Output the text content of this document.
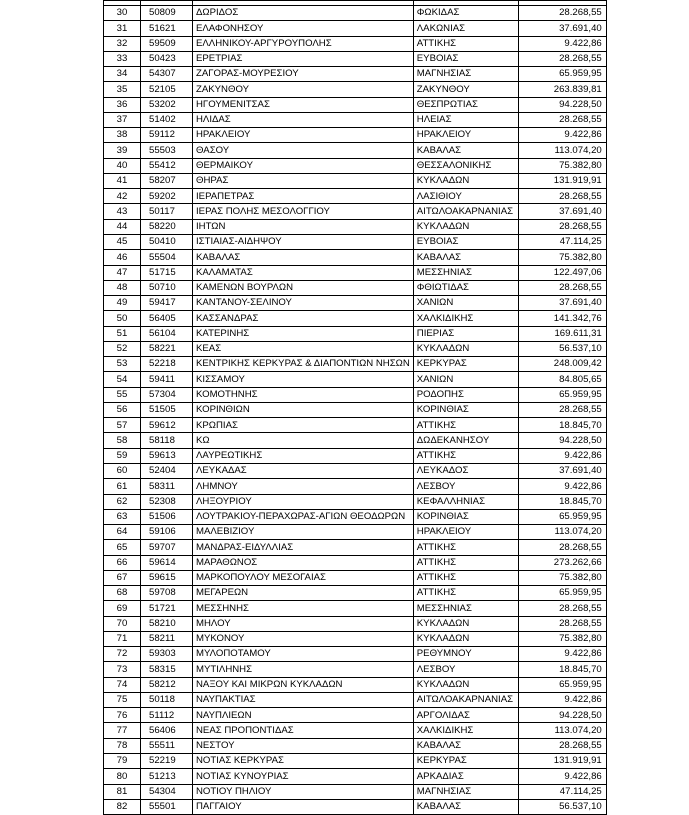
30	50809	ΔΩΡΙΔΟΣ	ΦΩΚΙΔΑΣ	28.268,55
31	51621	ΕΛΑΦΟΝΗΣΟΥ	ΛΑΚΩΝΙΑΣ	37.691,40
32	59509	ΕΛΛΗΝΙΚΟΥ-ΑΡΓΥΡΟΥΠΟΛΗΣ	ΑΤΤΙΚΗΣ	9.422,86
33	50423	ΕΡΕΤΡΙΑΣ	ΕΥΒΟΙΑΣ	28.268,55
34	54307	ΖΑΓΟΡΑΣ-ΜΟΥΡΕΣΙΟΥ	ΜΑΓΝΗΣΙΑΣ	65.959,95
35	52105	ΖΑΚΥΝΘΟΥ	ΖΑΚΥΝΘΟΥ	263.839,81
36	53202	ΗΓΟΥΜΕΝΙΤΣΑΣ	ΘΕΣΠΡΩΤΙΑΣ	94.228,50
37	51402	ΗΛΙΔΑΣ	ΗΛΕΙΑΣ	28.268,55
38	59112	ΗΡΑΚΛΕΙΟΥ	ΗΡΑΚΛΕΙΟΥ	9.422,86
39	55503	ΘΑΣΟΥ	ΚΑΒΑΛΑΣ	113.074,20
40	55412	ΘΕΡΜΑΙΚΟΥ	ΘΕΣΣΑΛΟΝΙΚΗΣ	75.382,80
41	58207	ΘΗΡΑΣ	ΚΥΚΛΑΔΩΝ	131.919,91
42	59202	ΙΕΡΑΠΕΤΡΑΣ	ΛΑΣΙΘΙΟΥ	28.268,55
43	50117	ΙΕΡΑΣ ΠΟΛΗΣ ΜΕΣΟΛΟΓΓΙΟΥ	ΑΙΤΩΛΟΑΚΑΡΝΑΝΙΑΣ	37.691,40
44	58220	ΙΗΤΩΝ	ΚΥΚΛΑΔΩΝ	28.268,55
45	50410	ΙΣΤΙΑΙΑΣ-ΑΙΔΗΨΟΥ	ΕΥΒΟΙΑΣ	47.114,25
46	55504	ΚΑΒΑΛΑΣ	ΚΑΒΑΛΑΣ	75.382,80
47	51715	ΚΑΛΑΜΑΤΑΣ	ΜΕΣΣΗΝΙΑΣ	122.497,06
48	50710	ΚΑΜΕΝΩΝ ΒΟΥΡΛΩΝ	ΦΘΙΩΤΙΔΑΣ	28.268,55
49	59417	ΚΑΝΤΑΝΟΥ-ΣΕΛΙΝΟΥ	ΧΑΝΙΩΝ	37.691,40
50	56405	ΚΑΣΣΑΝΔΡΑΣ	ΧΑΛΚΙΔΙΚΗΣ	141.342,76
51	56104	ΚΑΤΕΡΙΝΗΣ	ΠΙΕΡΙΑΣ	169.611,31
52	58221	ΚΕΑΣ	ΚΥΚΛΑΔΩΝ	56.537,10
53	52218	ΚΕΝΤΡΙΚΗΣ ΚΕΡΚΥΡΑΣ & ΔΙΑΠΟΝΤΙΩΝ ΝΗΣΩΝ	ΚΕΡΚΥΡΑΣ	248.009,42
54	59411	ΚΙΣΣΑΜΟΥ	ΧΑΝΙΩΝ	84.805,65
55	57304	ΚΟΜΟΤΗΝΗΣ	ΡΟΔΟΠΗΣ	65.959,95
56	51505	ΚΟΡΙΝΘΙΩΝ	ΚΟΡΙΝΘΙΑΣ	28.268,55
57	59612	ΚΡΩΠΙΑΣ	ΑΤΤΙΚΗΣ	18.845,70
58	58118	ΚΩ	ΔΩΔΕΚΑΝΗΣΟΥ	94.228,50
59	59613	ΛΑΥΡΕΩΤΙΚΗΣ	ΑΤΤΙΚΗΣ	9.422,86
60	52404	ΛΕΥΚΑΔΑΣ	ΛΕΥΚΑΔΟΣ	37.691,40
61	58311	ΛΗΜΝΟΥ	ΛΕΣΒΟΥ	9.422,86
62	52308	ΛΗΞΟΥΡΙΟΥ	ΚΕΦΑΛΛΗΝΙΑΣ	18.845,70
63	51506	ΛΟΥΤΡΑΚΙΟΥ-ΠΕΡΑΧΩΡΑΣ-ΑΓΙΩΝ ΘΕΟΔΩΡΩΝ	ΚΟΡΙΝΘΙΑΣ	65.959,95
64	59106	ΜΑΛΕΒΙΖΙΟΥ	ΗΡΑΚΛΕΙΟΥ	113.074,20
65	59707	ΜΑΝΔΡΑΣ-ΕΙΔΥΛΛΙΑΣ	ΑΤΤΙΚΗΣ	28.268,55
66	59614	ΜΑΡΑΘΩΝΟΣ	ΑΤΤΙΚΗΣ	273.262,66
67	59615	ΜΑΡΚΟΠΟΥΛΟΥ ΜΕΣΟΓΑΙΑΣ	ΑΤΤΙΚΗΣ	75.382,80
68	59708	ΜΕΓΑΡΕΩΝ	ΑΤΤΙΚΗΣ	65.959,95
69	51721	ΜΕΣΣΗΝΗΣ	ΜΕΣΣΗΝΙΑΣ	28.268,55
70	58210	ΜΗΛΟΥ	ΚΥΚΛΑΔΩΝ	28.268,55
71	58211	ΜΥΚΟΝΟΥ	ΚΥΚΛΑΔΩΝ	75.382,80
72	59303	ΜΥΛΟΠΟΤΑΜΟΥ	ΡΕΘΥΜΝΟΥ	9.422,86
73	58315	ΜΥΤΙΛΗΝΗΣ	ΛΕΣΒΟΥ	18.845,70
74	58212	ΝΑΞΟΥ ΚΑΙ ΜΙΚΡΩΝ ΚΥΚΛΑΔΩΝ	ΚΥΚΛΑΔΩΝ	65.959,95
75	50118	ΝΑΥΠΑΚΤΙΑΣ	ΑΙΤΩΛΟΑΚΑΡΝΑΝΙΑΣ	9.422,86
76	51112	ΝΑΥΠΛΙΕΩΝ	ΑΡΓΟΛΙΔΑΣ	94.228,50
77	56406	ΝΕΑΣ ΠΡΟΠΟΝΤΙΔΑΣ	ΧΑΛΚΙΔΙΚΗΣ	113.074,20
78	55511	ΝΕΣΤΟΥ	ΚΑΒΑΛΑΣ	28.268,55
79	52219	ΝΟΤΙΑΣ ΚΕΡΚΥΡΑΣ	ΚΕΡΚΥΡΑΣ	131.919,91
80	51213	ΝΟΤΙΑΣ ΚΥΝΟΥΡΙΑΣ	ΑΡΚΑΔΙΑΣ	9.422,86
81	54304	ΝΟΤΙΟΥ ΠΗΛΙΟΥ	ΜΑΓΝΗΣΙΑΣ	47.114,25
82	55501	ΠΑΓΓΑΙΟΥ	ΚΑΒΑΛΑΣ	56.537,10
